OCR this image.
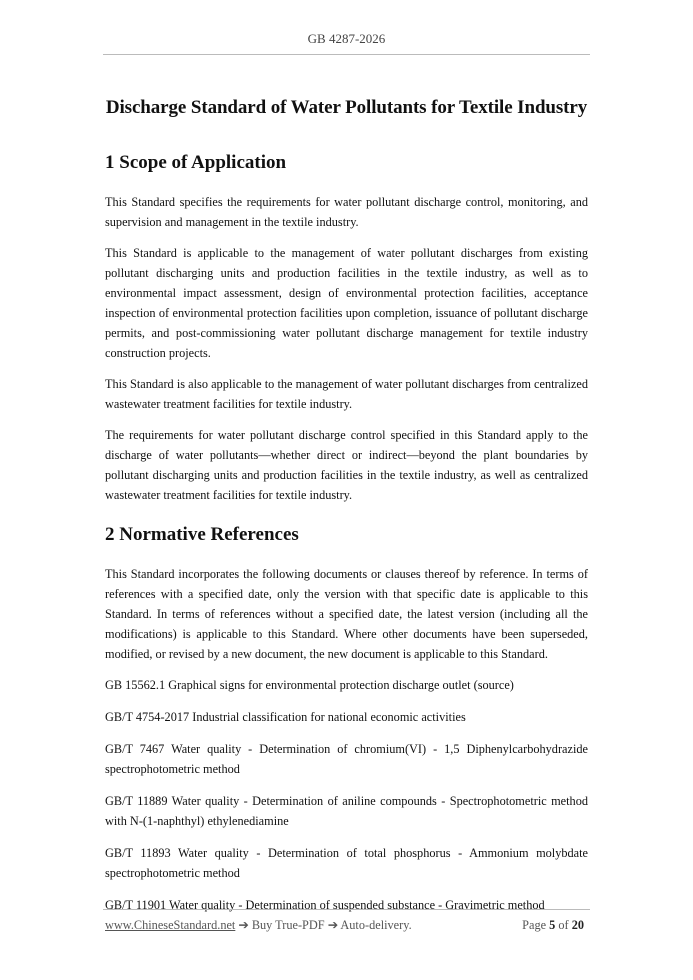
GB 4287-2026
Discharge Standard of Water Pollutants for Textile Industry
1 Scope of Application

This Standard specifies the requirements for water pollutant discharge control, monitoring, and supervision and management in the textile industry.

This Standard is applicable to the management of water pollutant discharges from existing pollutant discharging units and production facilities in the textile industry, as well as to environmental impact assessment, design of environmental protection facilities, acceptance inspection of environmental protection facilities upon completion, issuance of pollutant discharge permits, and post-commissioning water pollutant discharge management for textile industry construction projects.

This Standard is also applicable to the management of water pollutant discharges from centralized wastewater treatment facilities for textile industry.

The requirements for water pollutant discharge control specified in this Standard apply to the discharge of water pollutants—whether direct or indirect—beyond the plant boundaries by pollutant discharging units and production facilities in the textile industry, as well as centralized wastewater treatment facilities for textile industry.

2 Normative References

This Standard incorporates the following documents or clauses thereof by reference. In terms of references with a specified date, only the version with that specific date is applicable to this Standard. In terms of references without a specified date, the latest version (including all the modifications) is applicable to this Standard. Where other documents have been superseded, modified, or revised by a new document, the new document is applicable to this Standard.

GB 15562.1 Graphical signs for environmental protection discharge outlet (source)
GB/T 4754-2017 Industrial classification for national economic activities
GB/T 7467 Water quality - Determination of chromium(VI) - 1,5 Diphenylcarbohydrazide spectrophotometric method
GB/T 11889 Water quality - Determination of aniline compounds - Spectrophotometric method with N-(1-naphthyl) ethylenediamine
GB/T 11893 Water quality - Determination of total phosphorus - Ammonium molybdate spectrophotometric method
GB/T 11901 Water quality - Determination of suspended substance - Gravimetric method
www.ChineseStandard.net ➔ Buy True-PDF ➔ Auto-delivery.	Page 5 of 20
